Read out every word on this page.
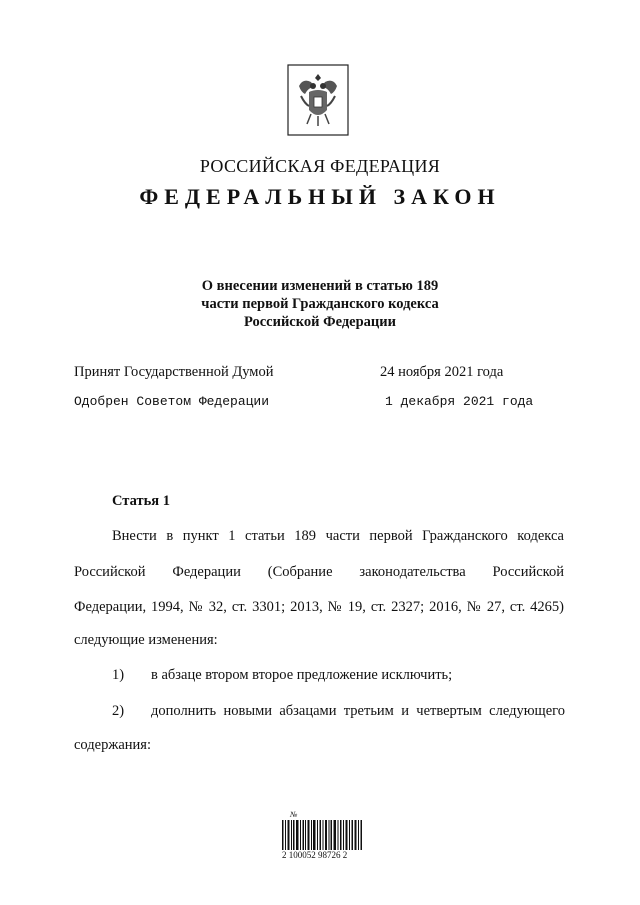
РОССИЙСКАЯ ФЕДЕРАЦИЯ
ФЕДЕРАЛЬНЫЙ ЗАКОН
О внесении изменений в статью 189
части первой Гражданского кодекса
Российской Федерации
Принят Государственной Думой	24 ноября 2021 года
Одобрен Советом Федерации	1 декабря 2021 года
Статья 1
Внести в пункт 1 статьи 189 части первой Гражданского кодекса
Российской Федерации (Собрание законодательства Российской
Федерации, 1994, № 32, ст. 3301; 2013, № 19, ст. 2327; 2016, № 27, ст. 4265)
следующие изменения:
1) в абзаце втором второе предложение исключить;
2) дополнить новыми абзацами третьим и четвертым следующего
содержания:
№
2 100052 98726 2
